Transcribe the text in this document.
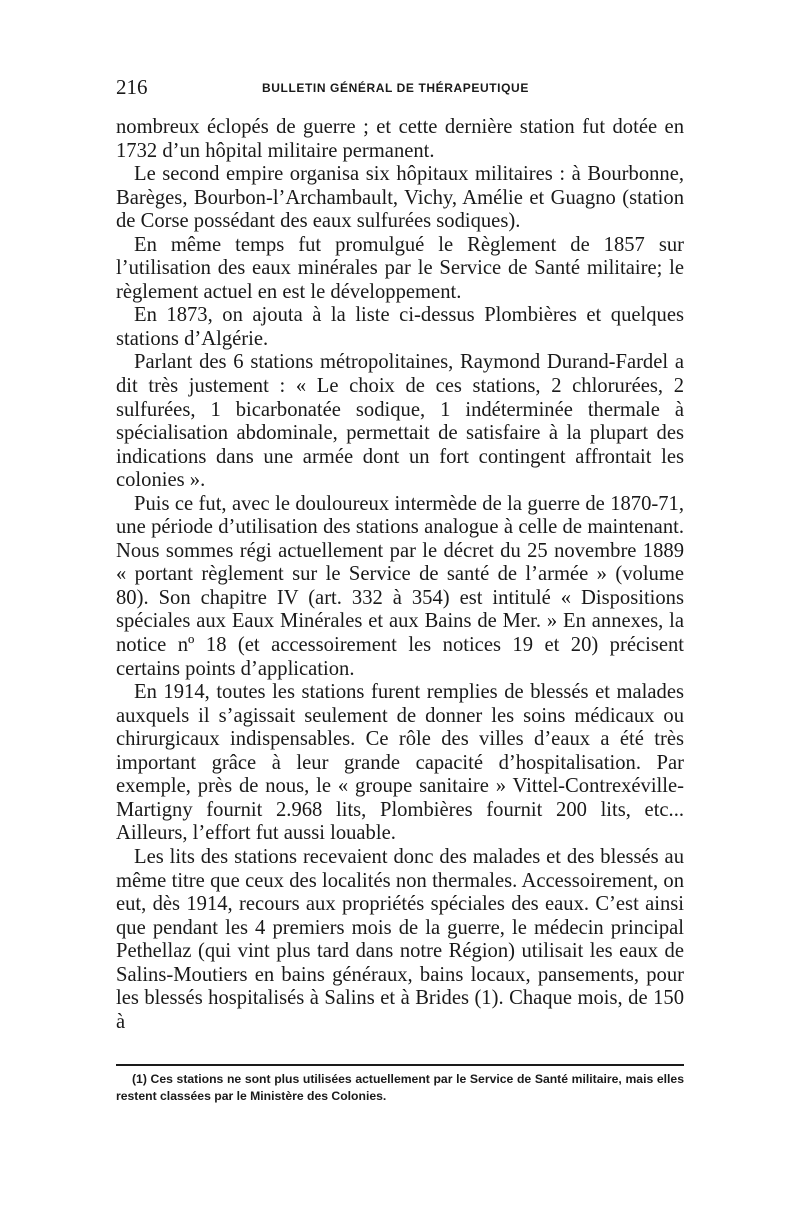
216	BULLETIN GÉNÉRAL DE THÉRAPEUTIQUE

nombreux éclopés de guerre ; et cette dernière station fut dotée en 1732 d’un hôpital militaire permanent.

Le second empire organisa six hôpitaux militaires : à Bourbonne, Barèges, Bourbon-l’Archambault, Vichy, Amélie et Guagno (station de Corse possédant des eaux sulfurées sodiques).

En même temps fut promulgué le Règlement de 1857 sur l’utilisation des eaux minérales par le Service de Santé militaire; le règlement actuel en est le développement.

En 1873, on ajouta à la liste ci-dessus Plombières et quelques stations d’Algérie.

Parlant des 6 stations métropolitaines, Raymond Durand-Fardel a dit très justement : « Le choix de ces stations, 2 chlorurées, 2 sulfurées, 1 bicarbonatée sodique, 1 indéterminée thermale à spécialisation abdominale, permettait de satisfaire à la plupart des indications dans une armée dont un fort contingent affrontait les colonies ».

Puis ce fut, avec le douloureux intermède de la guerre de 1870-71, une période d’utilisation des stations analogue à celle de maintenant. Nous sommes régi actuellement par le décret du 25 novembre 1889 « portant règlement sur le Service de santé de l’armée » (volume 80). Son chapitre IV (art. 332 à 354) est intitulé « Dispositions spéciales aux Eaux Minérales et aux Bains de Mer. » En annexes, la notice nº 18 (et accessoirement les notices 19 et 20) précisent certains points d’application.

En 1914, toutes les stations furent remplies de blessés et malades auxquels il s’agissait seulement de donner les soins médicaux ou chirurgicaux indispensables. Ce rôle des villes d’eaux a été très important grâce à leur grande capacité d’hospitalisation. Par exemple, près de nous, le « groupe sanitaire » Vittel-Contrexéville-Martigny fournit 2.968 lits, Plombières fournit 200 lits, etc... Ailleurs, l’effort fut aussi louable.

Les lits des stations recevaient donc des malades et des blessés au même titre que ceux des localités non thermales. Accessoirement, on eut, dès 1914, recours aux propriétés spéciales des eaux. C’est ainsi que pendant les 4 premiers mois de la guerre, le médecin principal Pethellaz (qui vint plus tard dans notre Région) utilisait les eaux de Salins-Moutiers en bains généraux, bains locaux, pansements, pour les blessés hospitalisés à Salins et à Brides (1). Chaque mois, de 150 à

(1) Ces stations ne sont plus utilisées actuellement par le Service de Santé militaire, mais elles restent classées par le Ministère des Colonies.
